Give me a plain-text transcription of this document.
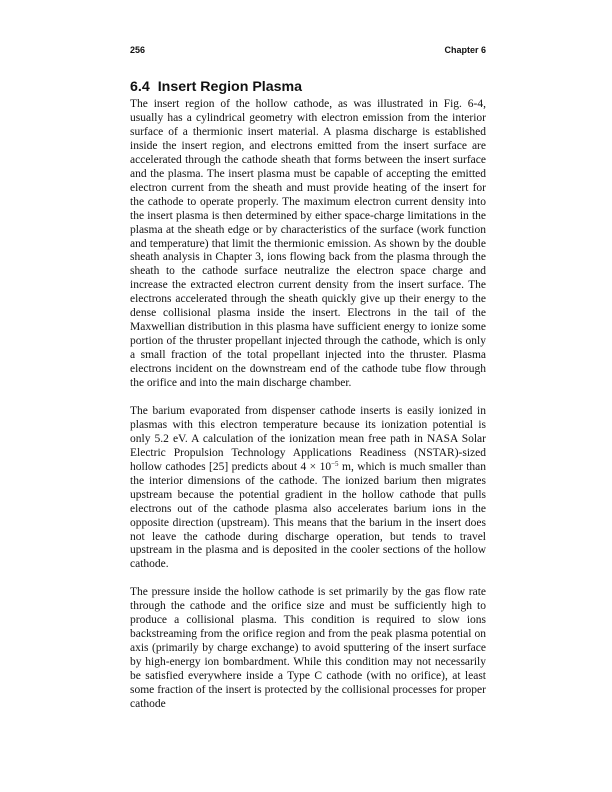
256	Chapter 6
6.4 Insert Region Plasma

The insert region of the hollow cathode, as was illustrated in Fig. 6-4, usually has a cylindrical geometry with electron emission from the interior surface of a thermionic insert material. A plasma discharge is established inside the insert region, and electrons emitted from the insert surface are accelerated through the cathode sheath that forms between the insert surface and the plasma. The insert plasma must be capable of accepting the emitted electron current from the sheath and must provide heating of the insert for the cathode to operate properly. The maximum electron current density into the insert plasma is then determined by either space-charge limitations in the plasma at the sheath edge or by characteristics of the surface (work function and temperature) that limit the thermionic emission. As shown by the double sheath analysis in Chapter 3, ions flowing back from the plasma through the sheath to the cathode surface neutralize the electron space charge and increase the extracted electron current density from the insert surface. The electrons accelerated through the sheath quickly give up their energy to the dense collisional plasma inside the insert. Electrons in the tail of the Maxwellian distribution in this plasma have sufficient energy to ionize some portion of the thruster propellant injected through the cathode, which is only a small fraction of the total propellant injected into the thruster. Plasma electrons incident on the downstream end of the cathode tube flow through the orifice and into the main discharge chamber.

The barium evaporated from dispenser cathode inserts is easily ionized in plasmas with this electron temperature because its ionization potential is only 5.2 eV. A calculation of the ionization mean free path in NASA Solar Electric Propulsion Technology Applications Readiness (NSTAR)-sized hollow cathodes [25] predicts about $4 \times 10^{-5}$ m, which is much smaller than the interior dimensions of the cathode. The ionized barium then migrates upstream because the potential gradient in the hollow cathode that pulls electrons out of the cathode plasma also accelerates barium ions in the opposite direction (upstream). This means that the barium in the insert does not leave the cathode during discharge operation, but tends to travel upstream in the plasma and is deposited in the cooler sections of the hollow cathode.

The pressure inside the hollow cathode is set primarily by the gas flow rate through the cathode and the orifice size and must be sufficiently high to produce a collisional plasma. This condition is required to slow ions backstreaming from the orifice region and from the peak plasma potential on axis (primarily by charge exchange) to avoid sputtering of the insert surface by high-energy ion bombardment. While this condition may not necessarily be satisfied everywhere inside a Type C cathode (with no orifice), at least some fraction of the insert is protected by the collisional processes for proper cathode
